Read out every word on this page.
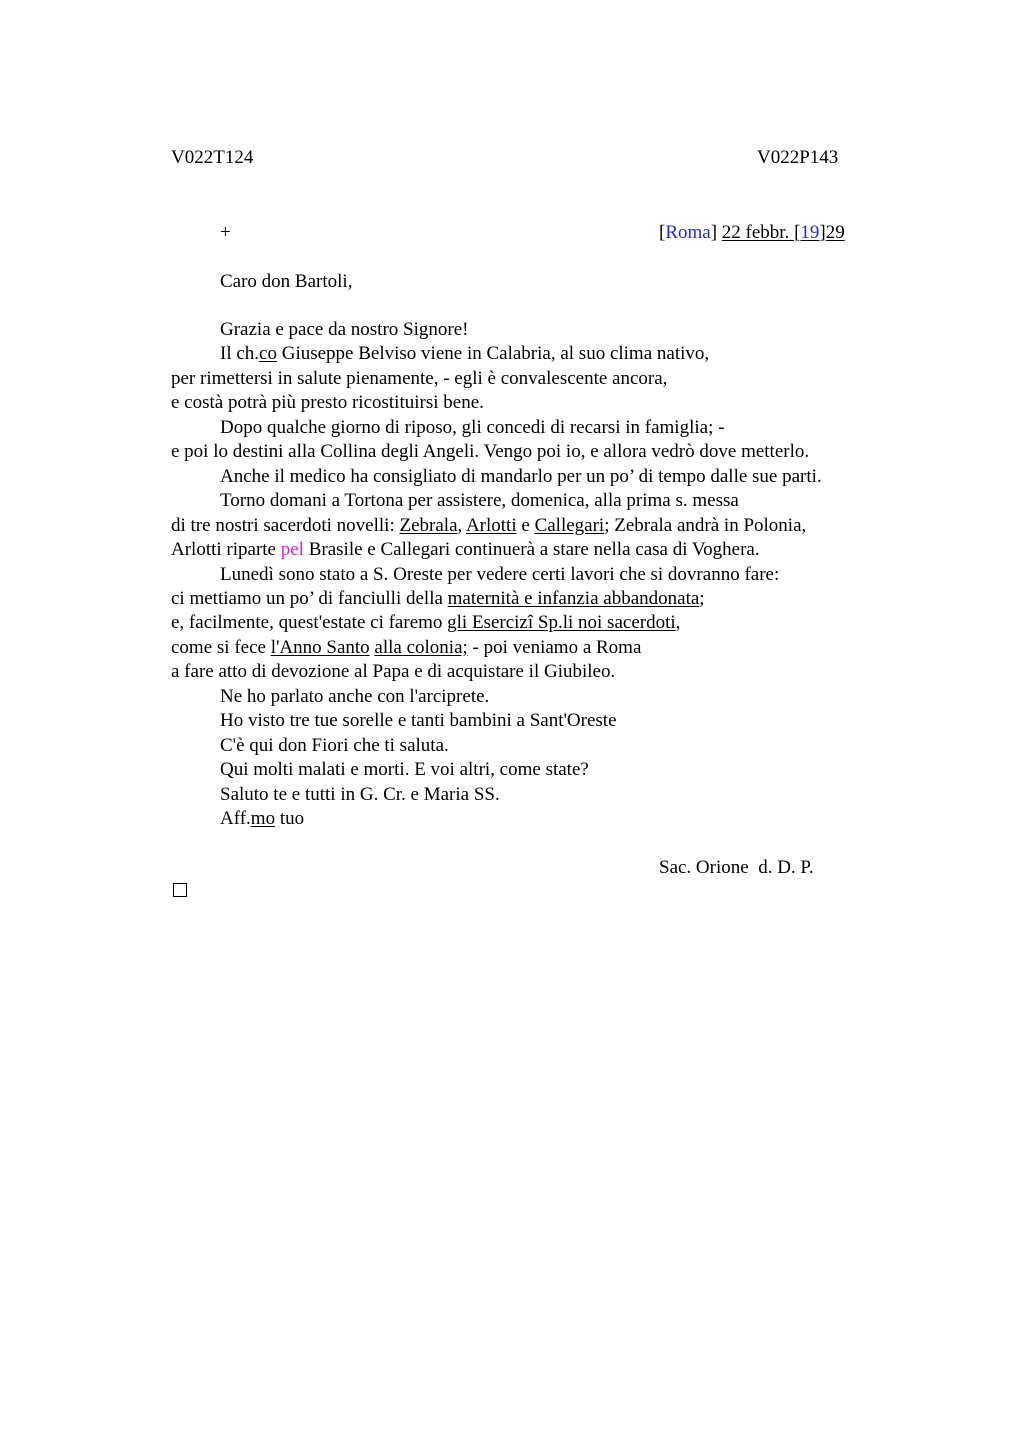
V022T124	V022P143
+	[Roma] 22 febbr. [19]29
Caro don Bartoli,
Grazia e pace da nostro Signore!
Il ch.co Giuseppe Belviso viene in Calabria, al suo clima nativo,
per rimettersi in salute pienamente, - egli è convalescente ancora,
e costà potrà più presto ricostituirsi bene.
Dopo qualche giorno di riposo, gli concedi di recarsi in famiglia; -
e poi lo destini alla Collina degli Angeli. Vengo poi io, e allora vedrò dove metterlo.
Anche il medico ha consigliato di mandarlo per un po’ di tempo dalle sue parti.
Torno domani a Tortona per assistere, domenica, alla prima s. messa
di tre nostri sacerdoti novelli: Zebrala, Arlotti e Callegari; Zebrala andrà in Polonia,
Arlotti riparte pel Brasile e Callegari continuerà a stare nella casa di Voghera.
Lunedì sono stato a S. Oreste per vedere certi lavori che si dovranno fare:
ci mettiamo un po’ di fanciulli della maternità e infanzia abbandonata;
e, facilmente, quest'estate ci faremo gli Esercizi Sp.li noi sacerdoti,
come si fece l'Anno Santo alla colonia; - poi veniamo a Roma
a fare atto di devozione al Papa e di acquistare il Giubileo.
Ne ho parlato anche con l'arciprete.
Ho visto tre tue sorelle e tanti bambini a Sant'Oreste
C'è qui don Fiori che ti saluta.
Qui molti malati e morti. E voi altri, come state?
Saluto te e tutti in G. Cr. e Maria SS.
Aff.mo tuo
Sac. Orione  d. D. P.
